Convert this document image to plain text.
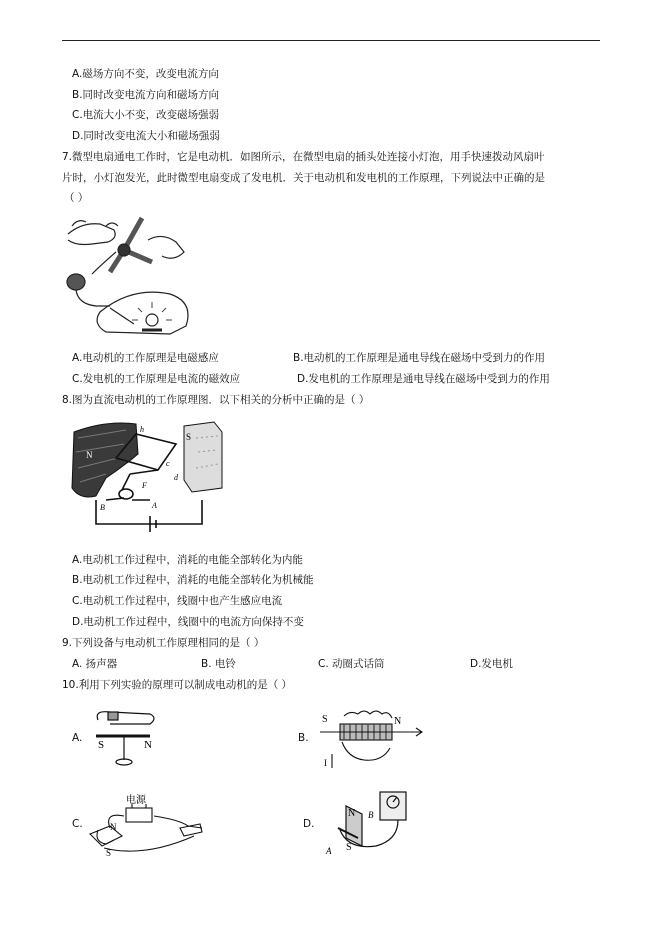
A.磁场方向不变，改变电流方向
B.同时改变电流方向和磁场方向
C.电流大小不变，改变磁场强弱
D.同时改变电流大小和磁场强弱
7.微型电扇通电工作时，它是电动机．如图所示，在微型电扇的插头处连接小灯泡，用手快速拨动风扇叶
片时，小灯泡发光，此时微型电扇变成了发电机．关于电动机和发电机的工作原理，下列说法中正确的是
（ ）
A.电动机的工作原理是电磁感应	B.电动机的工作原理是通电导线在磁场中受到力的作用
C.发电机的工作原理是电流的磁效应	D.发电机的工作原理是通电导线在磁场中受到力的作用
8.图为直流电动机的工作原理图．以下相关的分析中正确的是（ ）
S
N
B	A
F
c
d
h
A.电动机工作过程中，消耗的电能全部转化为内能
B.电动机工作过程中，消耗的电能全部转化为机械能
C.电动机工作过程中，线圈中也产生感应电流
D.电动机工作过程中，线圈中的电流方向保持不变
9.下列设备与电动机工作原理相同的是（ ）
A. 扬声器	B. 电铃	C. 动圈式话筒	D.发电机
10.利用下列实验的原理可以制成电动机的是（ ）
A.
S	N
B.
S	N
I
C.
电源
N
S
D.
N
S
A
B
